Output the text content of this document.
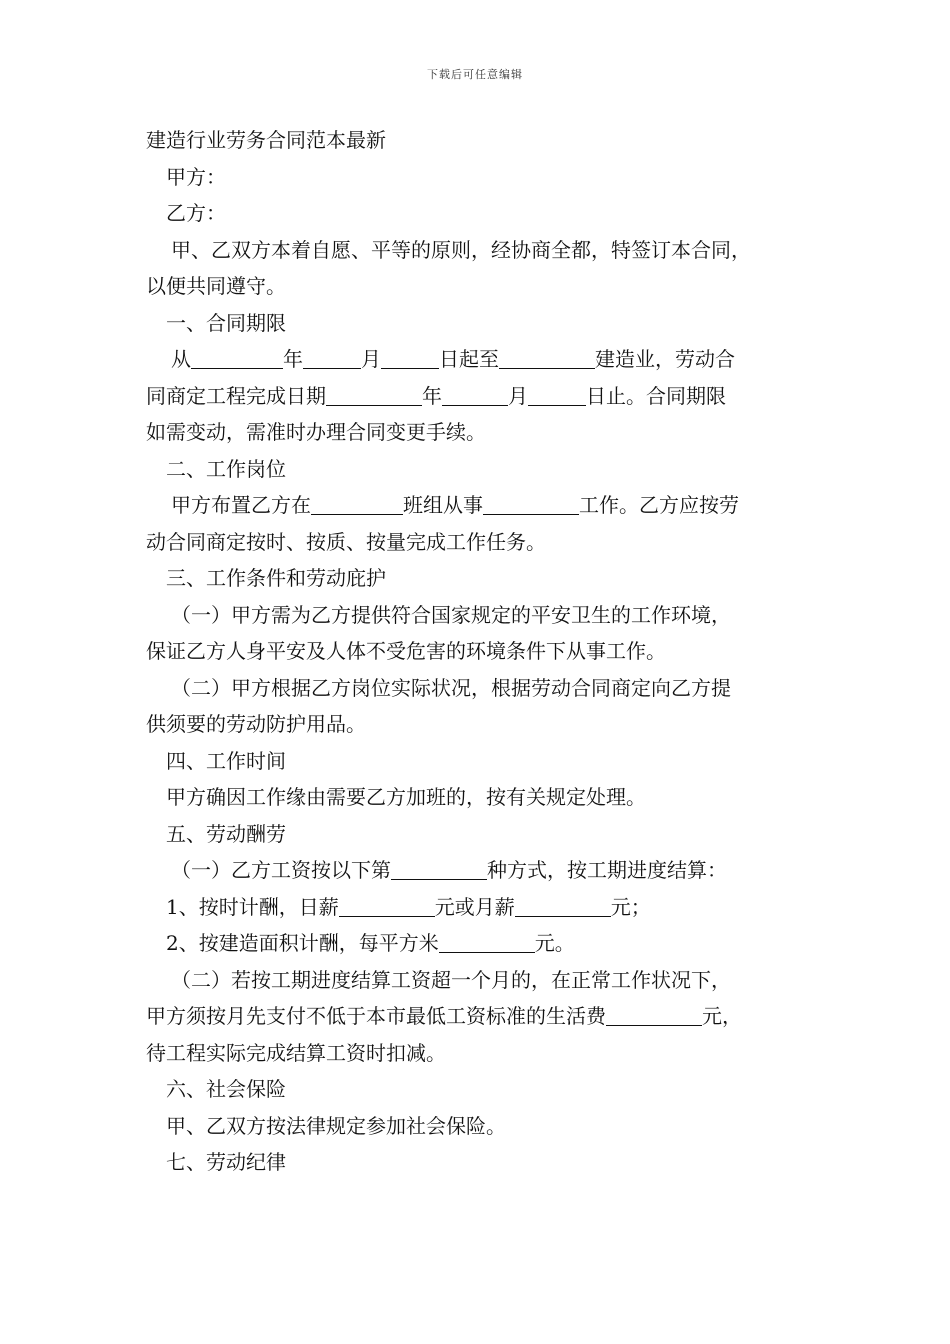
下载后可任意编辑
建造行业劳务合同范本最新
甲方：
乙方：
甲、乙双方本着自愿、平等的原则，经协商全都，特签订本合同，
以便共同遵守。
一、合同期限
从	年	月	日起至	建造业，劳动合
同商定工程完成日期	年	月	日止。合同期限
如需变动，需准时办理合同变更手续。
二、工作岗位
甲方布置乙方在	班组从事	工作。乙方应按劳
动合同商定按时、按质、按量完成工作任务。
三、工作条件和劳动庇护
（一）甲方需为乙方提供符合国家规定的平安卫生的工作环境，
保证乙方人身平安及人体不受危害的环境条件下从事工作。
（二）甲方根据乙方岗位实际状况，根据劳动合同商定向乙方提
供须要的劳动防护用品。
四、工作时间
甲方确因工作缘由需要乙方加班的，按有关规定处理。
五、劳动酬劳
（一）乙方工资按以下第	种方式，按工期进度结算：
1、按时计酬，日薪	元或月薪	元；
2、按建造面积计酬，每平方米	元。
（二）若按工期进度结算工资超一个月的，在正常工作状况下，
甲方须按月先支付不低于本市最低工资标准的生活费	元，
待工程实际完成结算工资时扣减。
六、社会保险
甲、乙双方按法律规定参加社会保险。
七、劳动纪律
